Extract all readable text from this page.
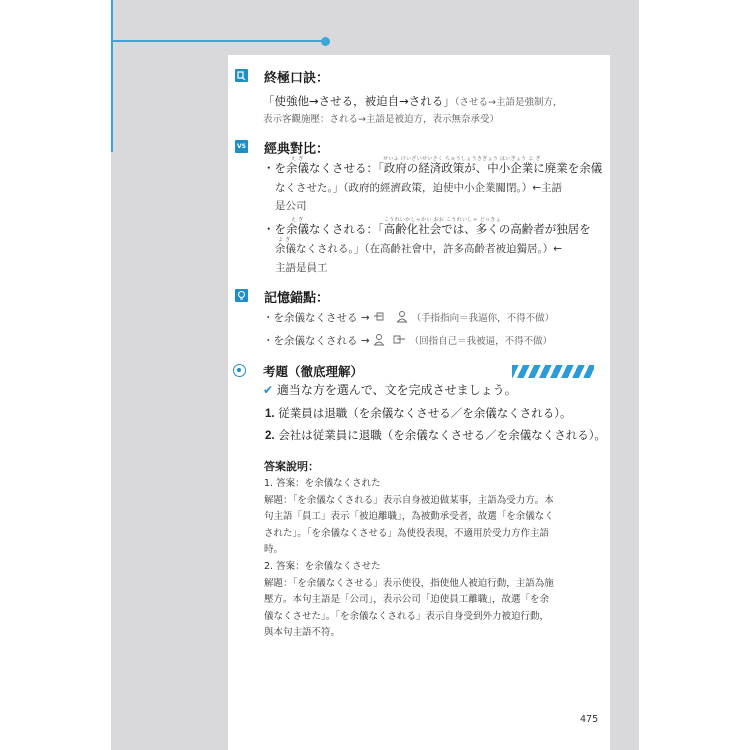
終極口訣：
「使強他→させる，被迫自→される」（させる→主語是強制方，
表示客觀施壓：される→主語是被迫方，表示無奈承受）
VS 經典對比：
え ぎ	せいふ けいざいせいさく ちゅうしょうきぎょう はいぎょう よ ぎ
・を余儀なくさせる：「政府の経済政策が、中小企業に廃業を余儀
なくさせた。」（政府的經濟政策，迫使中小企業關閉。）←主語
是公司
え ぎ	こうれいかしゃかい おお こうれいしゃ どっきょ
・を余儀なくされる：「高齢化社会では、多くの高齢者が独居を
よ ぎ
余儀なくされる。」（在高齡社會中，許多高齡者被迫獨居。）←
主語是員工
記憶錨點：
・を余儀なくさせる →	（手指指向＝我逼你，不得不做）
・を余儀なくされる →	（回指自己＝我被逼，不得不做）
考題（徹底理解）
✔ 適当な方を選んで、文を完成させましょう。
1. 従業員は退職（を余儀なくさせる／を余儀なくされる）。
2. 会社は従業員に退職（を余儀なくさせる／を余儀なくされる）。
答案說明：
1. 答案：を余儀なくされた
解題：「を余儀なくされる」表示自身被迫做某事，主語為受力方。本
句主語「員工」表示「被迫離職」，為被動承受者，故選「を余儀なく
された」。「を余儀なくさせる」為使役表現，不適用於受力方作主語
時。
2. 答案：を余儀なくさせた
解題：「を余儀なくさせる」表示使役，指使他人被迫行動，主語為施
壓方。本句主語是「公司」，表示公司「迫使員工離職」，故選「を余
儀なくさせた」。「を余儀なくされる」表示自身受到外力被迫行動，
與本句主語不符。
475
